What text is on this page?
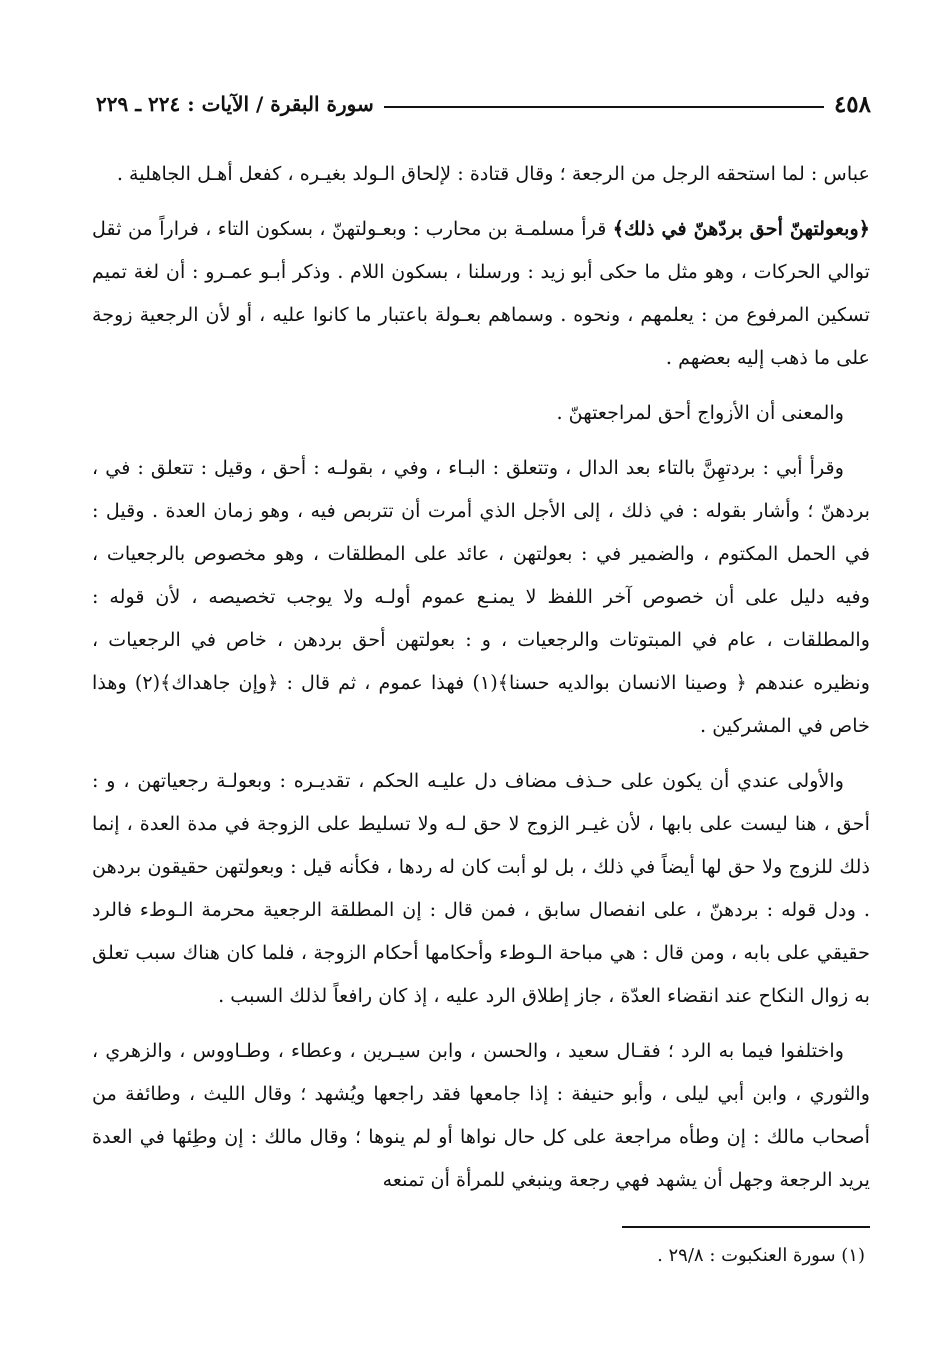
٤٥٨
سورة البقرة / الآيات : ٢٢٤ ـ ٢٢٩

عباس : لما استحقه الرجل من الرجعة ؛ وقال قتادة : لإلحاق الـولد بغيـره ، كفعل أهـل الجاهلية .

﴿وبعولتهنّ أحق بردّهنّ في ذلك﴾ قرأ مسلمـة بن محارب : وبعـولتهنّ ، بسكون التاء ، فراراً من ثقل توالي الحركات ، وهو مثل ما حكى أبو زيد : ورسلنا ، بسكون اللام . وذكر أبـو عمـرو : أن لغة تميم تسكين المرفوع من : يعلمهم ، ونحوه . وسماهم بعـولة باعتبار ما كانوا عليه ، أو لأن الرجعية زوجة على ما ذهب إليه بعضهم .

والمعنى أن الأزواج أحق لمراجعتهنّ .

وقرأ أبي : بردتهِنَّ بالتاء بعد الدال ، وتتعلق : البـاء ، وفي ، بقولـه : أحق ، وقيل : تتعلق : في ، بردهنّ ؛ وأشار بقوله : في ذلك ، إلى الأجل الذي أمرت أن تتربص فيه ، وهو زمان العدة . وقيل : في الحمل المكتوم ، والضمير في : بعولتهن ، عائد على المطلقات ، وهو مخصوص بالرجعيات ، وفيه دليل على أن خصوص آخر اللفظ لا يمنـع عموم أولـه ولا يوجب تخصيصه ، لأن قوله : والمطلقات ، عام في المبتوتات والرجعيات ، و : بعولتهن أحق بردهن ، خاص في الرجعيات ، ونظيره عندهم ﴿ وصينا الانسان بوالديه حسنا﴾(١) فهذا عموم ، ثم قال : ﴿وإن جاهداك﴾(٢) وهذا خاص في المشركين .

والأولى عندي أن يكون على حـذف مضاف دل عليـه الحكم ، تقديـره : وبعولـة رجعياتهن ، و : أحق ، هنا ليست على بابها ، لأن غيـر الزوج لا حق لـه ولا تسليط على الزوجة في مدة العدة ، إنما ذلك للزوج ولا حق لها أيضاً في ذلك ، بل لو أبت كان له ردها ، فكأنه قيل : وبعولتهن حقيقون بردهن . ودل قوله : بردهنّ ، على انفصال سابق ، فمن قال : إن المطلقة الرجعية محرمة الـوطء فالرد حقيقي على بابه ، ومن قال : هي مباحة الـوطء وأحكامها أحكام الزوجة ، فلما كان هناك سبب تعلق به زوال النكاح عند انقضاء العدّة ، جاز إطلاق الرد عليه ، إذ كان رافعاً لذلك السبب .

واختلفوا فيما به الرد ؛ فقـال سعيد ، والحسن ، وابن سيـرين ، وعطاء ، وطـاووس ، والزهري ، والثوري ، وابن أبي ليلى ، وأبو حنيفة : إذا جامعها فقد راجعها ويُشهد ؛ وقال الليث ، وطائفة من أصحاب مالك : إن وطأه مراجعة على كل حال نواها أو لم ينوها ؛ وقال مالك : إن وطِئها في العدة يريد الرجعة وجهل أن يشهد فهي رجعة وينبغي للمرأة أن تمنعه

(١) سورة العنكبوت : ٢٩/٨ .
